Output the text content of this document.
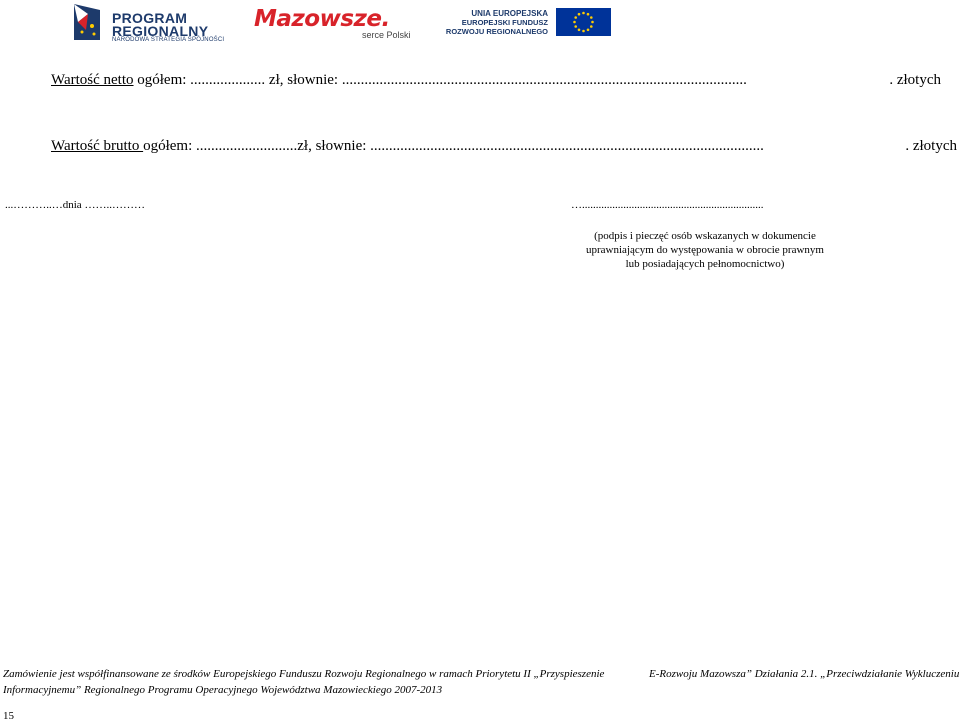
PROGRAM
REGIONALNY
NARODOWA STRATEGIA SPÓJNOŚCI
Mazowsze.
serce Polski
UNIA EUROPEJSKA
EUROPEJSKI FUNDUSZ
ROZWOJU REGIONALNEGO
Wartość netto ogółem: .................... zł, słownie: ............................................................................................................	. złotych
Wartość brutto ogółem: ...........................zł, słownie: .........................................................................................................	. złotych
...………..…dnia ……..………	…..................................................................
(podpis i pieczęć osób wskazanych w dokumencie
uprawniającym do występowania w obrocie prawnym
lub posiadających pełnomocnictwo)
Zamówienie jest współfinansowane ze środków Europejskiego Funduszu Rozwoju Regionalnego w ramach Priorytetu II „Przyspieszenie	E-Rozwoju Mazowsza” Działania 2.1. „Przeciwdziałanie Wykluczeniu
Informacyjnemu” Regionalnego Programu Operacyjnego Województwa Mazowieckiego 2007-2013
15
